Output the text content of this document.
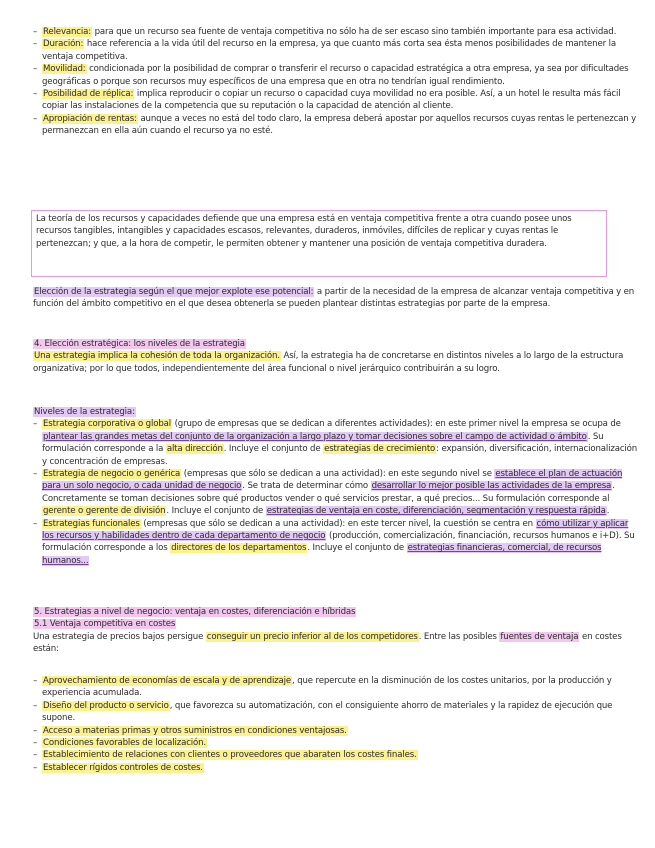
– Relevancia: para que un recurso sea fuente de ventaja competitiva no sólo ha de ser escaso sino también importante para esa actividad.
– Duración: hace referencia a la vida útil del recurso en la empresa, ya que cuanto más corta sea ésta menos posibilidades de mantener la ventaja competitiva.
– Movilidad: condicionada por la posibilidad de comprar o transferir el recurso o capacidad estratégica a otra empresa, ya sea por dificultades geográficas o porque son recursos muy específicos de una empresa que en otra no tendrían igual rendimiento.
– Posibilidad de réplica: implica reproducir o copiar un recurso o capacidad cuya movilidad no era posible. Así, a un hotel le resulta más fácil copiar las instalaciones de la competencia que su reputación o la capacidad de atención al cliente.
– Apropiación de rentas: aunque a veces no está del todo claro, la empresa deberá apostar por aquellos recursos cuyas rentas le pertenezcan y permanezcan en ella aún cuando el recurso ya no esté.
La teoría de los recursos y capacidades defiende que una empresa está en ventaja competitiva frente a otra cuando posee unos recursos tangibles, intangibles y capacidades escasos, relevantes, duraderos, inmóviles, difíciles de replicar y cuyas rentas le pertenezcan; y que, a la hora de competir, le permiten obtener y mantener una posición de ventaja competitiva duradera.
Elección de la estrategia según el que mejor explote ese potencial: a partir de la necesidad de la empresa de alcanzar ventaja competitiva y en función del ámbito competitivo en el que desea obtenerla se pueden plantear distintas estrategias por parte de la empresa.
4. Elección estratégica: los niveles de la estrategia
Una estrategia implica la cohesión de toda la organización. Así, la estrategia ha de concretarse en distintos niveles a lo largo de la estructura organizativa; por lo que todos, independientemente del área funcional o nivel jerárquico contribuirán a su logro.
Niveles de la estrategia:
– Estrategia corporativa o global (grupo de empresas que se dedican a diferentes actividades): en este primer nivel la empresa se ocupa de plantear las grandes metas del conjunto de la organización a largo plazo y tomar decisiones sobre el campo de actividad o ámbito. Su formulación corresponde a la alta dirección. Incluye el conjunto de estrategias de crecimiento: expansión, diversificación, internacionalización y concentración de empresas.
– Estrategia de negocio o genérica (empresas que sólo se dedican a una actividad): en este segundo nivel se establece el plan de actuación para un solo negocio, o cada unidad de negocio. Se trata de determinar cómo desarrollar lo mejor posible las actividades de la empresa. Concretamente se toman decisiones sobre qué productos vender o qué servicios prestar, a qué precios... Su formulación corresponde al gerente o gerente de división. Incluye el conjunto de estrategias de ventaja en coste, diferenciación, segmentación y respuesta rápida.
– Estrategias funcionales (empresas que sólo se dedican a una actividad): en este tercer nivel, la cuestión se centra en cómo utilizar y aplicar los recursos y habilidades dentro de cada departamento de negocio (producción, comercialización, financiación, recursos humanos e i+D). Su formulación corresponde a los directores de los departamentos. Incluye el conjunto de estrategias financieras, comercial, de recursos humanos...
5. Estrategias a nivel de negocio: ventaja en costes, diferenciación e híbridas
5.1 Ventaja competitiva en costes
Una estrategia de precios bajos persigue conseguir un precio inferior al de los competidores. Entre las posibles fuentes de ventaja en costes están:
– Aprovechamiento de economías de escala y de aprendizaje, que repercute en la disminución de los costes unitarios, por la producción y experiencia acumulada.
– Diseño del producto o servicio, que favorezca su automatización, con el consiguiente ahorro de materiales y la rapidez de ejecución que supone.
– Acceso a materias primas y otros suministros en condiciones ventajosas.
– Condiciones favorables de localización.
– Establecimiento de relaciones con clientes o proveedores que abaraten los costes finales.
– Establecer rígidos controles de costes.
